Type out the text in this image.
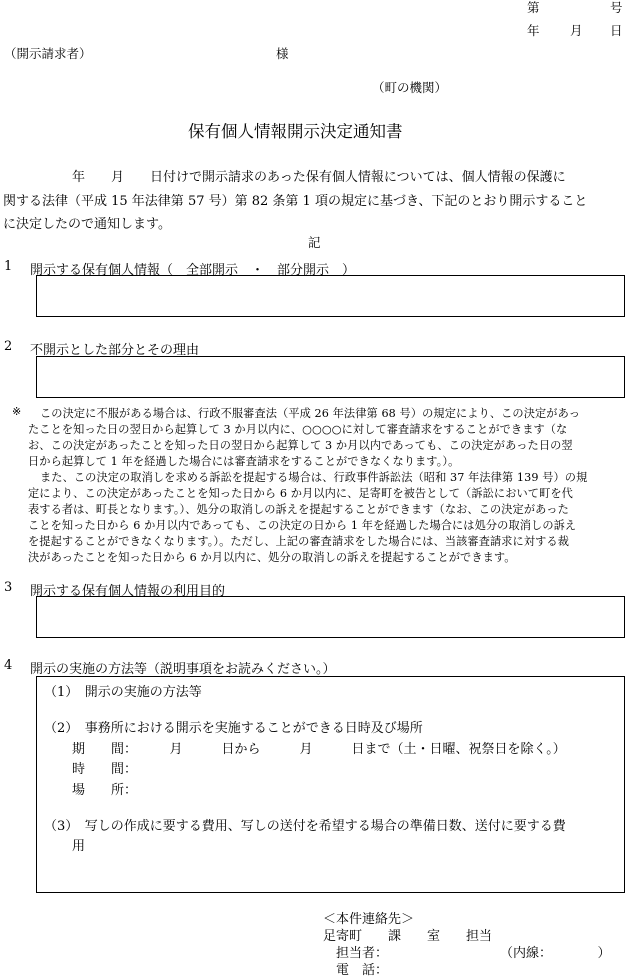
第	号
年 月 日
（開示請求者）	様
（町の機関）
保有個人情報開示決定通知書
年　　月　　日付けで開示請求のあった保有個人情報については、個人情報の保護に
関する法律（平成 15 年法律第 57 号）第 82 条第 1 項の規定に基づき、下記のとおり開示すること
に決定したので通知します。
記
1 開示する保有個人情報（　全部開示　・　部分開示　）
2 不開示とした部分とその理由
※ この決定に不服がある場合は、行政不服審査法（平成 26 年法律第 68 号）の規定により、この決定があっ
たことを知った日の翌日から起算して 3 か月以内に、○○○○に対して審査請求をすることができます（な
お、この決定があったことを知った日の翌日から起算して 3 か月以内であっても、この決定があった日の翌
日から起算して 1 年を経過した場合には審査請求をすることができなくなります。）。
また、この決定の取消しを求める訴訟を提起する場合は、行政事件訴訟法（昭和 37 年法律第 139 号）の規
定により、この決定があったことを知った日から 6 か月以内に、足寄町を被告として（訴訟において町を代
表する者は、町長となります。）、処分の取消しの訴えを提起することができます（なお、この決定があった
ことを知った日から 6 か月以内であっても、この決定の日から 1 年を経過した場合には処分の取消しの訴え
を提起することができなくなります。）。ただし、上記の審査請求をした場合には、当該審査請求に対する裁
決があったことを知った日から 6 か月以内に、処分の取消しの訴えを提起することができます。
3 開示する保有個人情報の利用目的
4 開示の実施の方法等（説明事項をお読みください。）
（1）　開示の実施の方法等
（2）　事務所における開示を実施することができる日時及び場所
期　　間：　　　月　　　日から　　　月　　　日まで（土・日曜、祝祭日を除く。）
時　　間：
場　　所：
（3）　写しの作成に要する費用、写しの送付を希望する場合の準備日数、送付に要する費
用
＜本件連絡先＞
足寄町　　課　　室　　担当
担当者：	（内線：　　　　）
電　話：
